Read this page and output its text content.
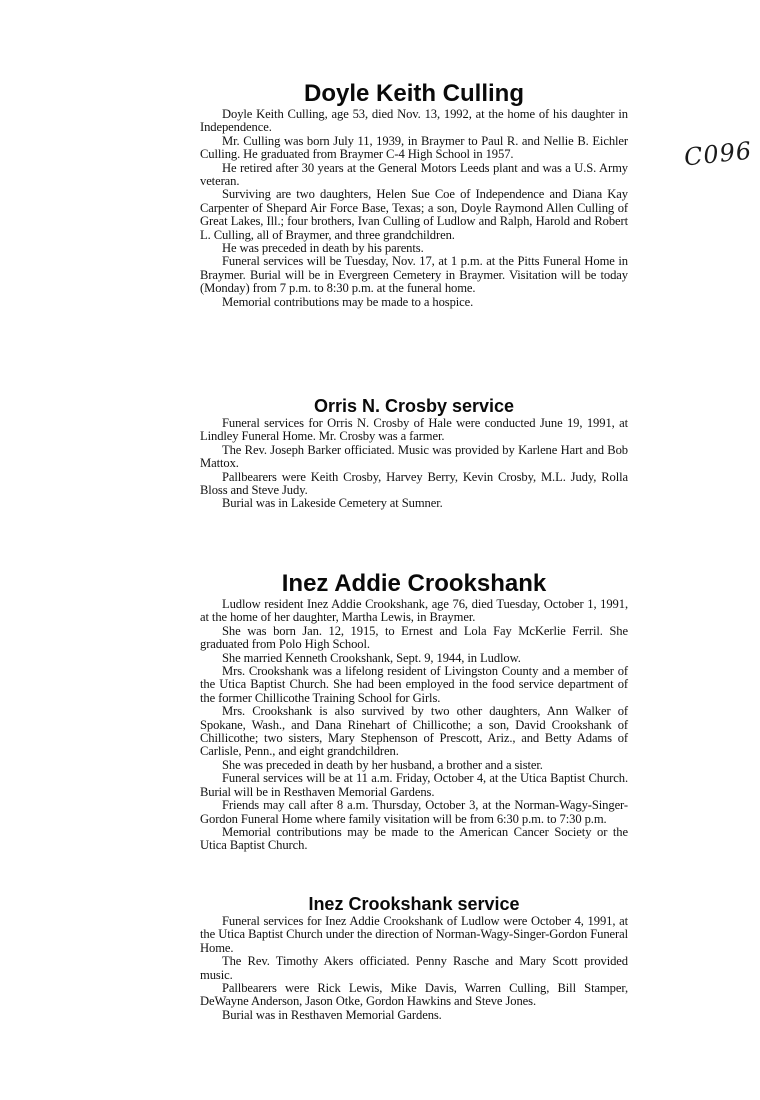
C096
Doyle Keith Culling

Doyle Keith Culling, age 53, died Nov. 13, 1992, at the home of his daughter in Independence.

Mr. Culling was born July 11, 1939, in Braymer to Paul R. and Nellie B. Eichler Culling. He graduated from Braymer C-4 High School in 1957.

He retired after 30 years at the General Motors Leeds plant and was a U.S. Army veteran.

Surviving are two daughters, Helen Sue Coe of Independence and Diana Kay Carpenter of Shepard Air Force Base, Texas; a son, Doyle Raymond Allen Culling of Great Lakes, Ill.; four brothers, Ivan Culling of Ludlow and Ralph, Harold and Robert L. Culling, all of Braymer, and three grandchildren.

He was preceded in death by his parents.

Funeral services will be Tuesday, Nov. 17, at 1 p.m. at the Pitts Funeral Home in Braymer. Burial will be in Evergreen Cemetery in Braymer. Visitation will be today (Monday) from 7 p.m. to 8:30 p.m. at the funeral home.

Memorial contributions may be made to a hospice.

Orris N. Crosby service

Funeral services for Orris N. Crosby of Hale were conducted June 19, 1991, at Lindley Funeral Home. Mr. Crosby was a farmer.

The Rev. Joseph Barker officiated. Music was provided by Karlene Hart and Bob Mattox.

Pallbearers were Keith Crosby, Harvey Berry, Kevin Crosby, M.L. Judy, Rolla Bloss and Steve Judy.

Burial was in Lakeside Cemetery at Sumner.

Inez Addie Crookshank

Ludlow resident Inez Addie Crookshank, age 76, died Tuesday, October 1, 1991, at the home of her daughter, Martha Lewis, in Braymer.

She was born Jan. 12, 1915, to Ernest and Lola Fay McKerlie Ferril. She graduated from Polo High School.

She married Kenneth Crookshank, Sept. 9, 1944, in Ludlow.

Mrs. Crookshank was a lifelong resident of Livingston County and a member of the Utica Baptist Church. She had been employed in the food service department of the former Chillicothe Training School for Girls.

Mrs. Crookshank is also survived by two other daughters, Ann Walker of Spokane, Wash., and Dana Rinehart of Chillicothe; a son, David Crookshank of Chillicothe; two sisters, Mary Stephenson of Prescott, Ariz., and Betty Adams of Carlisle, Penn., and eight grandchildren.

She was preceded in death by her husband, a brother and a sister.

Funeral services will be at 11 a.m. Friday, October 4, at the Utica Baptist Church. Burial will be in Resthaven Memorial Gardens.

Friends may call after 8 a.m. Thursday, October 3, at the Norman-Wagy-Singer-Gordon Funeral Home where family visitation will be from 6:30 p.m. to 7:30 p.m.

Memorial contributions may be made to the American Cancer Society or the Utica Baptist Church.

Inez Crookshank service

Funeral services for Inez Addie Crookshank of Ludlow were October 4, 1991, at the Utica Baptist Church under the direction of Norman-Wagy-Singer-Gordon Funeral Home.

The Rev. Timothy Akers officiated. Penny Rasche and Mary Scott provided music.

Pallbearers were Rick Lewis, Mike Davis, Warren Culling, Bill Stamper, DeWayne Anderson, Jason Otke, Gordon Hawkins and Steve Jones.

Burial was in Resthaven Memorial Gardens.
